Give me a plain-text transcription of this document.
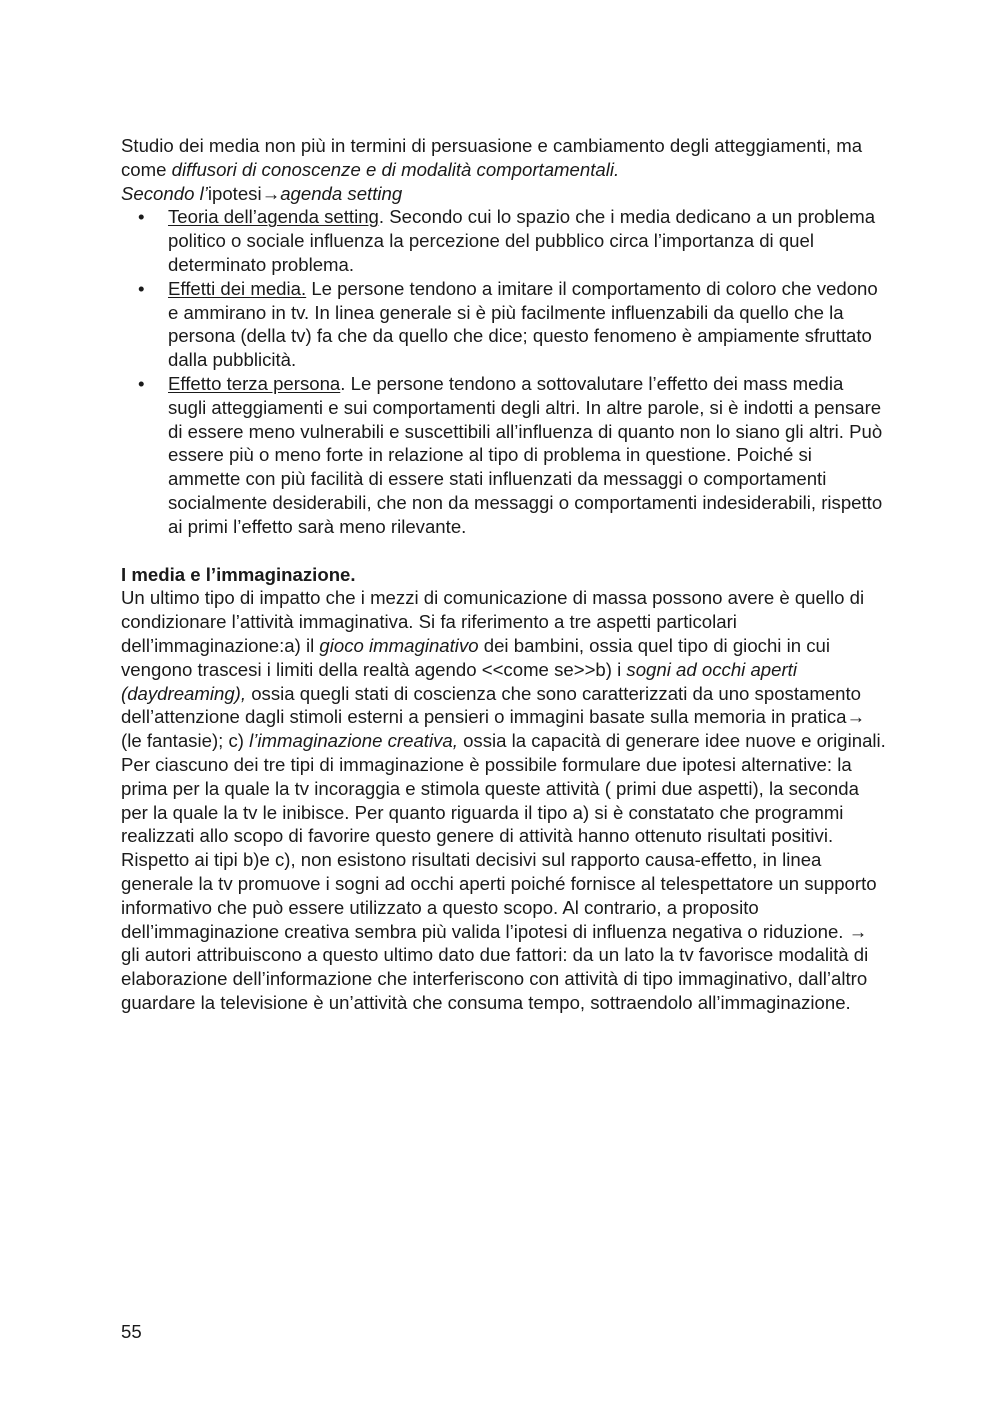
Studio dei media non più in termini di persuasione e cambiamento degli atteggiamenti, ma come diffusori di conoscenze e di modalità comportamentali.
Secondo l’ipotesi→agenda setting

• Teoria dell’agenda setting. Secondo cui lo spazio che i media dedicano a un problema politico o sociale influenza la percezione del pubblico circa l’importanza di quel determinato problema.
• Effetti dei media. Le persone tendono a imitare il comportamento di coloro che vedono e ammirano in tv. In linea generale si è più facilmente influenzabili da quello che la persona (della tv) fa che da quello che dice; questo fenomeno è ampiamente sfruttato dalla pubblicità.
• Effetto terza persona. Le persone tendono a sottovalutare l’effetto dei mass media sugli atteggiamenti e sui comportamenti degli altri. In altre parole, si è indotti a pensare di essere meno vulnerabili e suscettibili all’influenza di quanto non lo siano gli altri. Può essere più o meno forte in relazione al tipo di problema in questione. Poiché si ammette con più facilità di essere stati influenzati da messaggi o comportamenti socialmente desiderabili, che non da messaggi o comportamenti indesiderabili, rispetto ai primi l’effetto sarà meno rilevante.

I media e l’immaginazione.

Un ultimo tipo di impatto che i mezzi di comunicazione di massa possono avere è quello di condizionare l’attività immaginativa. Si fa riferimento a tre aspetti particolari dell’immaginazione:a) il gioco immaginativo dei bambini, ossia quel tipo di giochi in cui vengono trascesi i limiti della realtà agendo <<come se>>b) i sogni ad occhi aperti (daydreaming), ossia quegli stati di coscienza che sono caratterizzati da uno spostamento dell’attenzione dagli stimoli esterni a pensieri o immagini basate sulla memoria in pratica→ (le fantasie); c) l’immaginazione creativa, ossia la capacità di generare idee nuove e originali.

Per ciascuno dei tre tipi di immaginazione è possibile formulare due ipotesi alternative: la prima per la quale la tv incoraggia e stimola queste attività ( primi due aspetti), la seconda per la quale la tv le inibisce. Per quanto riguarda il tipo a) si è constatato che programmi realizzati allo scopo di favorire questo genere di attività hanno ottenuto risultati positivi. Rispetto ai tipi b)e c), non esistono risultati decisivi sul rapporto causa-effetto, in linea generale la tv promuove i sogni ad occhi aperti poiché fornisce al telespettatore un supporto informativo che può essere utilizzato a questo scopo. Al contrario, a proposito dell’immaginazione creativa sembra più valida l’ipotesi di influenza negativa o riduzione. → gli autori attribuiscono a questo ultimo dato due fattori: da un lato la tv favorisce modalità di elaborazione dell’informazione che interferiscono con attività di tipo immaginativo, dall’altro guardare la televisione è un’attività che consuma tempo, sottraendolo all’immaginazione.

55
